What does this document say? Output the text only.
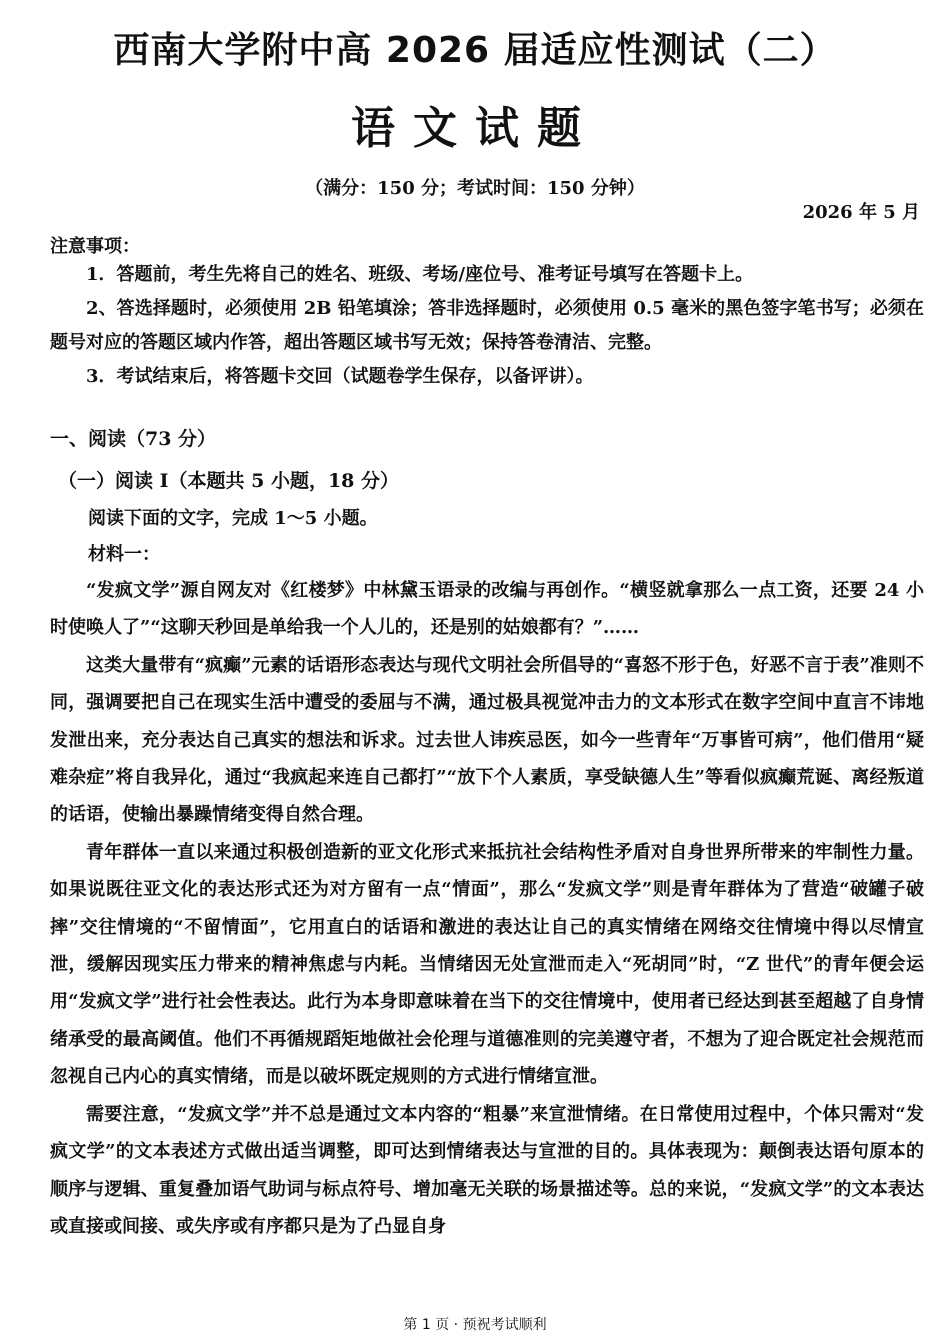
西南大学附中高 2026 届适应性测试（二）
语文试题
（满分：150 分；考试时间：150 分钟）
2026 年 5 月
注意事项：

1．答题前，考生先将自己的姓名、班级、考场/座位号、准考证号填写在答题卡上。

2、答选择题时，必须使用 2B 铅笔填涂；答非选择题时，必须使用 0.5 毫米的黑色签字笔书写；必须在题号对应的答题区域内作答，超出答题区域书写无效；保持答卷清洁、完整。

3．考试结束后，将答题卡交回（试题卷学生保存，以备评讲）。

一、阅读（73 分）
（一）阅读 I（本题共 5 小题，18 分）
阅读下面的文字，完成 1～5 小题。
材料一：

“发疯文学”源自网友对《红楼梦》中林黛玉语录的改编与再创作。“横竖就拿那么一点工资，还要 24 小时使唤人了”“这聊天秒回是单给我一个人儿的，还是别的姑娘都有？”……

这类大量带有“疯癫”元素的话语形态表达与现代文明社会所倡导的“喜怒不形于色，好恶不言于表”准则不同，强调要把自己在现实生活中遭受的委屈与不满，通过极具视觉冲击力的文本形式在数字空间中直言不讳地发泄出来，充分表达自己真实的想法和诉求。过去世人讳疾忌医，如今一些青年“万事皆可病”，他们借用“疑难杂症”将自我异化，通过“我疯起来连自己都打”“放下个人素质，享受缺德人生”等看似疯癫荒诞、离经叛道的话语，使输出暴躁情绪变得自然合理。

青年群体一直以来通过积极创造新的亚文化形式来抵抗社会结构性矛盾对自身世界所带来的牢制性力量。如果说既往亚文化的表达形式还为对方留有一点“情面”，那么“发疯文学”则是青年群体为了营造“破罐子破摔”交往情境的“不留情面”，它用直白的话语和激进的表达让自己的真实情绪在网络交往情境中得以尽情宣泄，缓解因现实压力带来的精神焦虑与内耗。当情绪因无处宣泄而走入“死胡同”时，“Z 世代”的青年便会运用“发疯文学”进行社会性表达。此行为本身即意味着在当下的交往情境中，使用者已经达到甚至超越了自身情绪承受的最高阈值。他们不再循规蹈矩地做社会伦理与道德准则的完美遵守者，不想为了迎合既定社会规范而忽视自己内心的真实情绪，而是以破坏既定规则的方式进行情绪宣泄。

需要注意，“发疯文学”并不总是通过文本内容的“粗暴”来宣泄情绪。在日常使用过程中，个体只需对“发疯文学”的文本表述方式做出适当调整，即可达到情绪表达与宣泄的目的。具体表现为：颠倒表达语句原本的顺序与逻辑、重复叠加语气助词与标点符号、增加毫无关联的场景描述等。总的来说，“发疯文学”的文本表达或直接或间接、或失序或有序都只是为了凸显自身

第 1 页 · 预祝考试顺利
